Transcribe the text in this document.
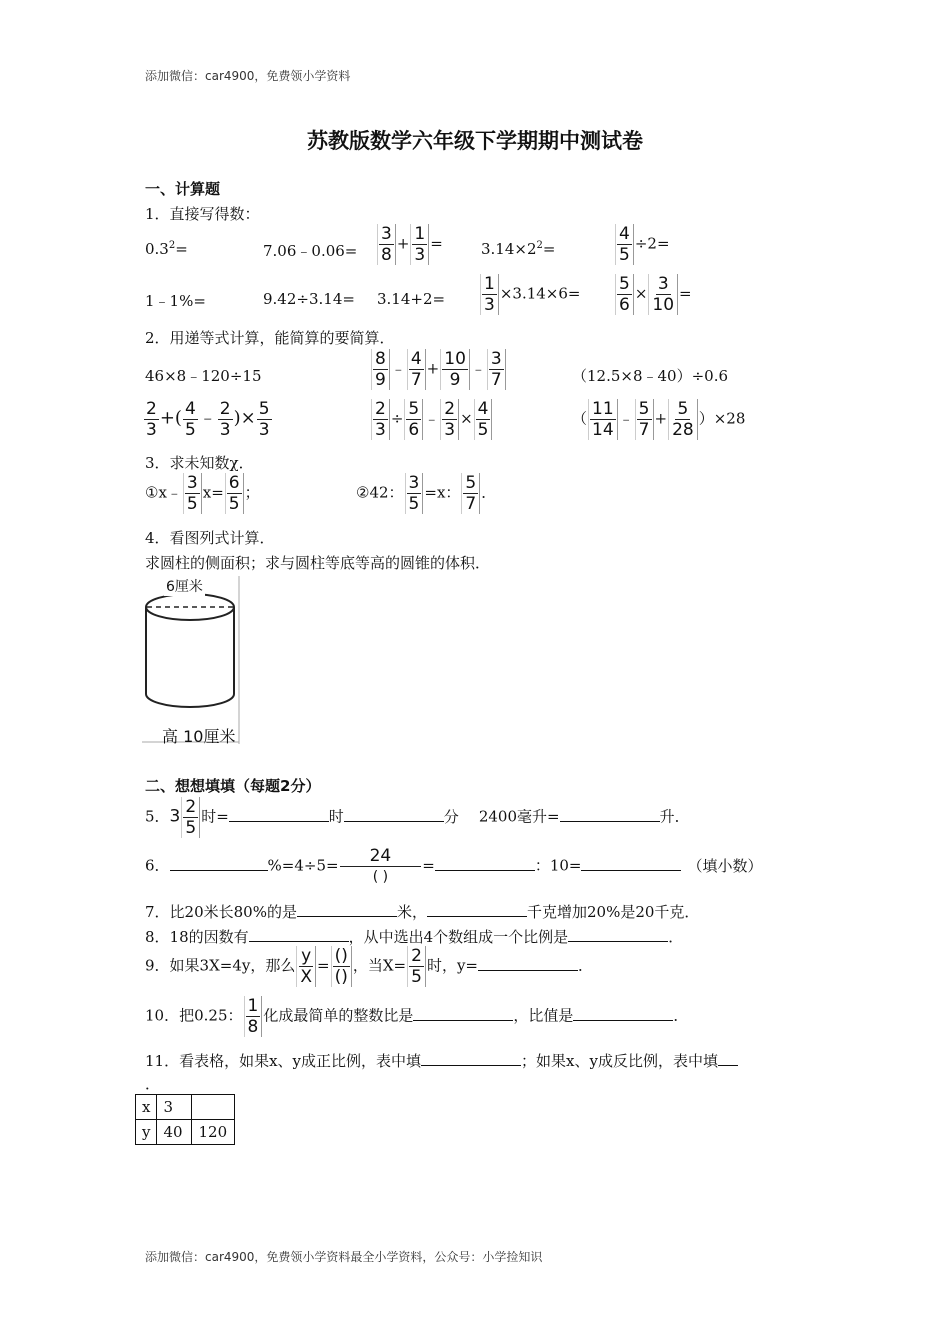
添加微信：car4900，免费领小学资料
苏教版数学六年级下学期期中测试卷
一、计算题
1．直接写得数：
$0.3^2=$	7.06﹣0.06= $\frac{3}{8} + \frac{1}{3}$ =	$3.14\times 2^2=$	$\frac{4}{5} \div 2=$
1﹣1%=	$9.42\div 3.14= 3.14+2= \frac{1}{3} \times 3.14\times 6= \frac{5}{6} \times \frac{3}{10}$ =
2．用递等式计算，能简算的要简算．
46×8﹣120÷15	$\frac{8}{9}$ ﹣ $\frac{4}{7} + \frac{10}{9}$ ﹣ $\frac{3}{7}$	（12.5×8﹣40）÷0.6
$\frac{2}{3}$ +( $\frac{4}{5}$ ﹣ $\frac{2}{3}$ )× $\frac{5}{3}$	$\frac{2}{3} \div \frac{5}{6}$ ﹣ $\frac{2}{3} \times \frac{4}{5}$	（ $\frac{11}{14}$ ﹣ $\frac{5}{7} + \frac{5}{28} )\times 28$
3．求未知数χ．
①x﹣ $\frac{3}{5} x= \frac{6}{5}$ ；	②42： $\frac{3}{5} =x$： $\frac{5}{7}$ ．
4．看图列式计算．
求圆柱的侧面积；求与圆柱等底等高的圆锥的体积．
6厘米
高 10厘米
二、想想填填（每题2分）
5．$3 \frac{2}{5}$ 时=	时	分 2400毫升=	升．
6．	$\%=4\div 5= \frac{24}{( )}$ =	：10=	（填小数）
7．比20米长80%的是	米，	千克增加20%是20千克．
8．18的因数有	，从中选出4个数组成一个比例是	．
9．如果3X=4y，那么 $\frac{y}{X} = \frac{()}{()}$ ，当$X= \frac{2}{5}$ 时，y=	．
10．把0.25： $\frac{1}{8}$ 化成最简单的整数比是	，比值是	．
11．看表格，如果x、y成正比例，表中填	；如果x、y成反比例，表中填
．
x	3	
y	40	120
添加微信：car4900，免费领小学资料最全小学资料，公众号：小学捡知识
